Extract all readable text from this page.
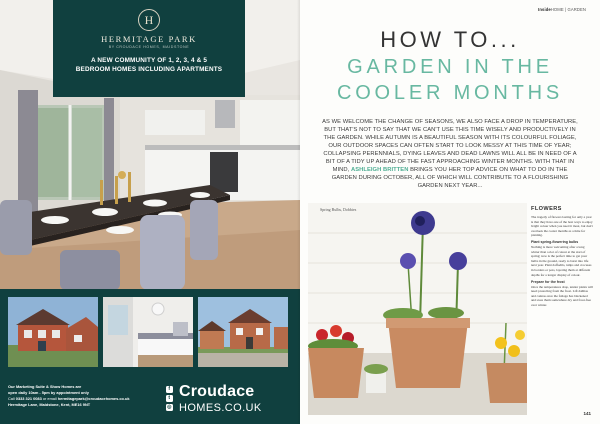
H
HERMITAGE PARK
BY CROUDACE HOMES, MAIDSTONE
A NEW COMMUNITY OF 1, 2, 3, 4 & 5
BEDROOM HOMES INCLUDING APARTMENTS
Our Marketing Suite & Show Homes are
open daily 10am - 5pm by appointment only
Call 0333 321 0083 or email hermitagepark@croudacehomes.co.uk
Hermitage Lane, Maidstone, Kent, ME16 9NT
f
t
◎
Croudace
HOMES.CO.UK
InsideHOME | GARDEN
HOW TO...
GARDEN IN THE
COOLER MONTHS
AS WE WELCOME THE CHANGE OF SEASONS, WE ALSO FACE A DROP IN TEMPERATURE, BUT THAT'S NOT TO SAY THAT WE CAN'T USE THIS TIME WISELY AND PRODUCTIVELY IN THE GARDEN. WHILE AUTUMN IS A BEAUTIFUL SEASON WITH ITS COLOURFUL FOLIAGE, OUR OUTDOOR SPACES CAN OFTEN START TO LOOK MESSY AT THIS TIME OF YEAR; COLLAPSING PERENNIALS, DYING LEAVES AND DEAD LAWNS WILL ALL BE IN NEED OF A BIT OF A TIDY UP AHEAD OF THE FAST APPROACHING WINTER MONTHS. WITH THAT IN MIND, ASHLEIGH BRITTEN BRINGS YOU HER TOP ADVICE ON WHAT TO DO IN THE GARDEN DURING OCTOBER, ALL OF WHICH WILL CONTRIBUTE TO A FLOURISHING GARDEN NEXT YEAR...
Spring Bulbs, Dobbies	FLOWERS

The tragedy of flowers lasting for only a year is that they have one of the best ways to enjoy bright colour when you need it most, but don't overlook the cooler months as a time for planting.

Plant spring-flowering bulbs
Nothing is more welcoming after a long winter than a riot of colour at the start of spring; now is the perfect time to get your bulbs in the ground, ready to burst into life next year. Plant daffodils, tulips and crocuses in borders or pots, layering them at different depths for a longer display of colour.

Prepare for the frost
Once the temperatures drop, tender plants will need protecting from the frost. Lift dahlias and cannas once the foliage has blackened and store them somewhere dry and frost-free over winter.

141
